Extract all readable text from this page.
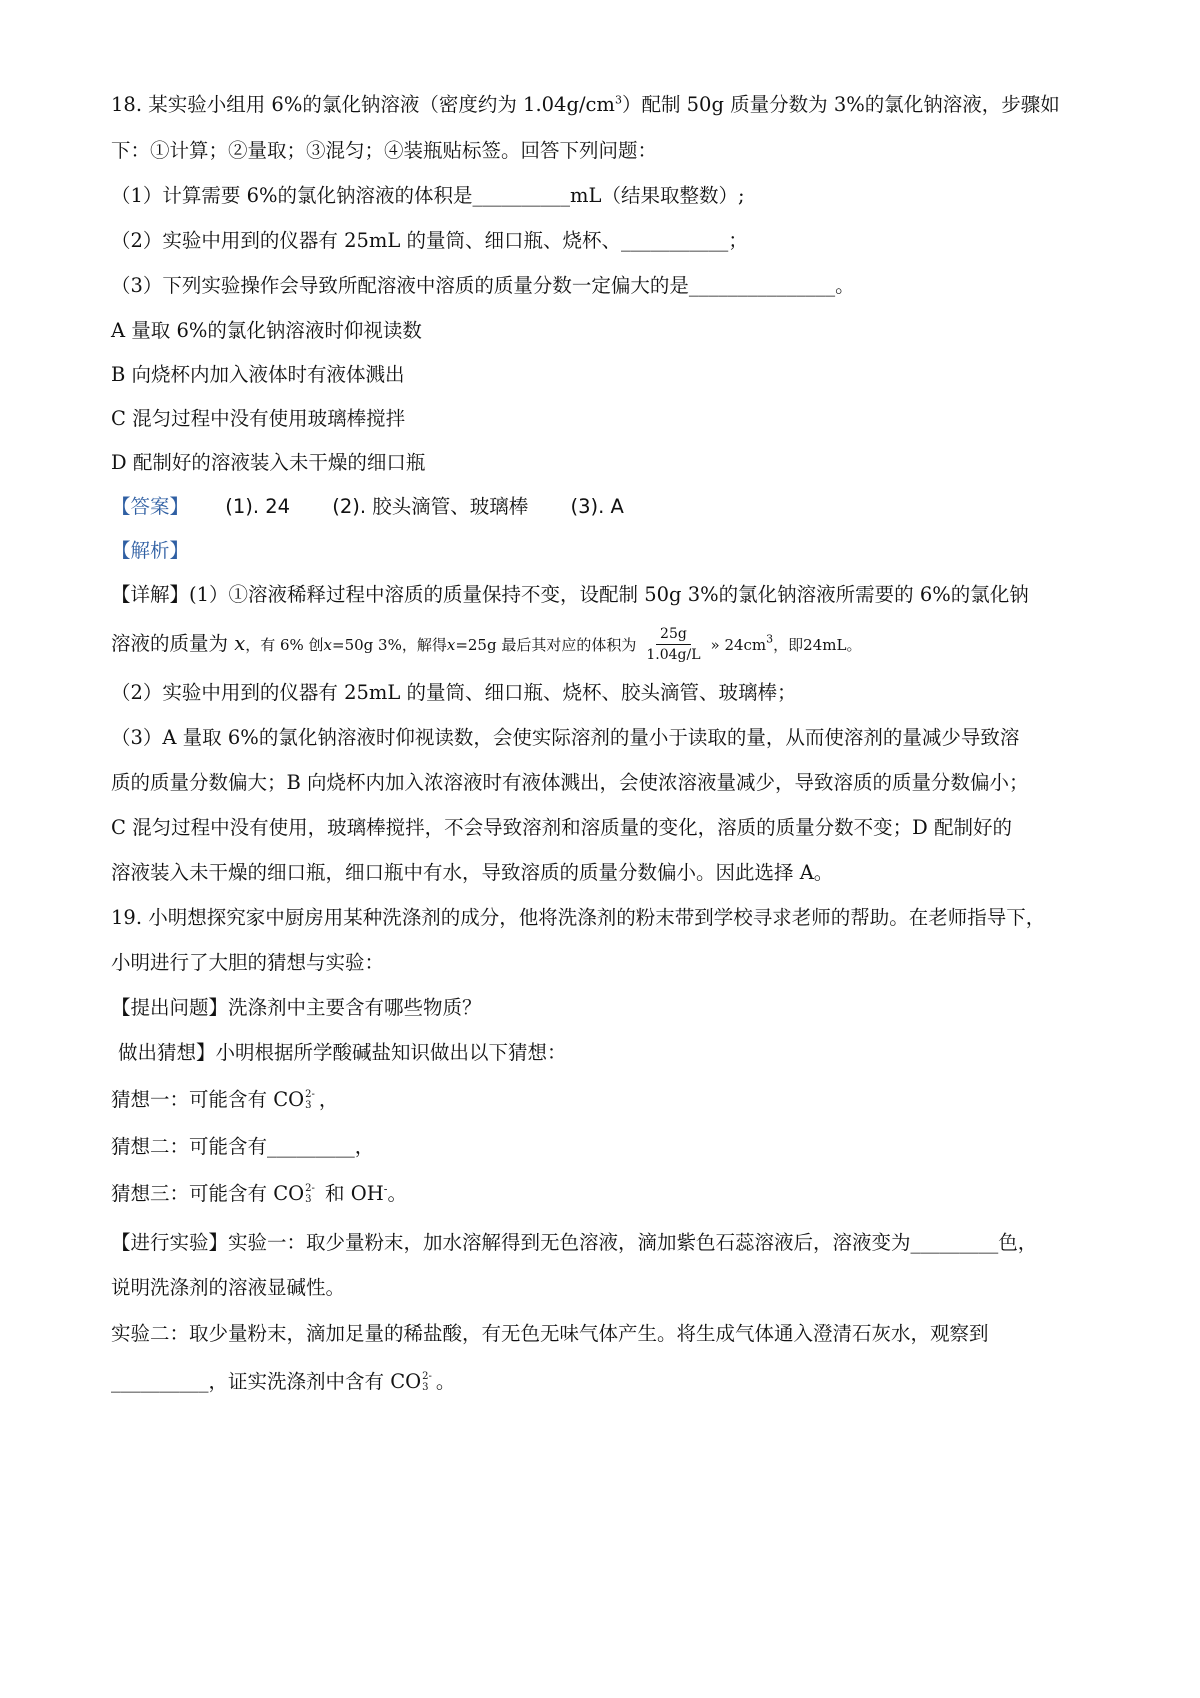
18. 某实验小组用 6%的氯化钠溶液（密度约为 $1.04g/cm^3$）配制 50g 质量分数为 3%的氯化钠溶液，步骤如
下：①计算；②量取；③混匀；④装瓶贴标签。回答下列问题：
（1）计算需要 6%的氯化钠溶液的体积是__________mL（结果取整数）;
（2）实验中用到的仪器有 25mL 的量筒、细口瓶、烧杯、___________；
（3）下列实验操作会导致所配溶液中溶质的质量分数一定偏大的是_______________。
A 量取 6%的氯化钠溶液时仰视读数
B 向烧杯内加入液体时有液体溅出
C 混匀过程中没有使用玻璃棒搅拌
D 配制好的溶液装入未干燥的细口瓶
【答案】 (1). 24 (2). 胶头滴管、玻璃棒 (3). A
【解析】
【详解】(1）①溶液稀释过程中溶质的质量保持不变，设配制 50g 3%的氯化钠溶液所需要的 6%的氯化钠
溶液的质量为 x，有 6% 创x=50g 3%，解得x=25g 最后其对应的体积为 $\frac{25g}{1.04g/L}$ » $24cm^3$，即24mL。
（2）实验中用到的仪器有 25mL 的量筒、细口瓶、烧杯、胶头滴管、玻璃棒；
（3）A 量取 6%的氯化钠溶液时仰视读数，会使实际溶剂的量小于读取的量，从而使溶剂的量减少导致溶
质的质量分数偏大；B 向烧杯内加入浓溶液时有液体溅出，会使浓溶液量减少，导致溶质的质量分数偏小；
C 混匀过程中没有使用，玻璃棒搅拌，不会导致溶剂和溶质量的变化，溶质的质量分数不变；D 配制好的
溶液装入未干燥的细口瓶，细口瓶中有水，导致溶质的质量分数偏小。因此选择 A。
19. 小明想探究家中厨房用某种洗涤剂的成分，他将洗涤剂的粉末带到学校寻求老师的帮助。在老师指导下，
小明进行了大胆的猜想与实验：
【提出问题】洗涤剂中主要含有哪些物质？
做出猜想】小明根据所学酸碱盐知识做出以下猜想：
猜想一：可能含有 CO 2-
3 ，
猜想二：可能含有_________，
猜想三：可能含有 CO 2-
3 和 OH-。
【进行实验】实验一：取少量粉末，加水溶解得到无色溶液，滴加紫色石蕊溶液后，溶液变为_________色，
说明洗涤剂的溶液显碱性。
实验二：取少量粉末，滴加足量的稀盐酸，有无色无味气体产生。将生成气体通入澄清石灰水，观察到
__________，证实洗涤剂中含有 CO 2-
3 。
